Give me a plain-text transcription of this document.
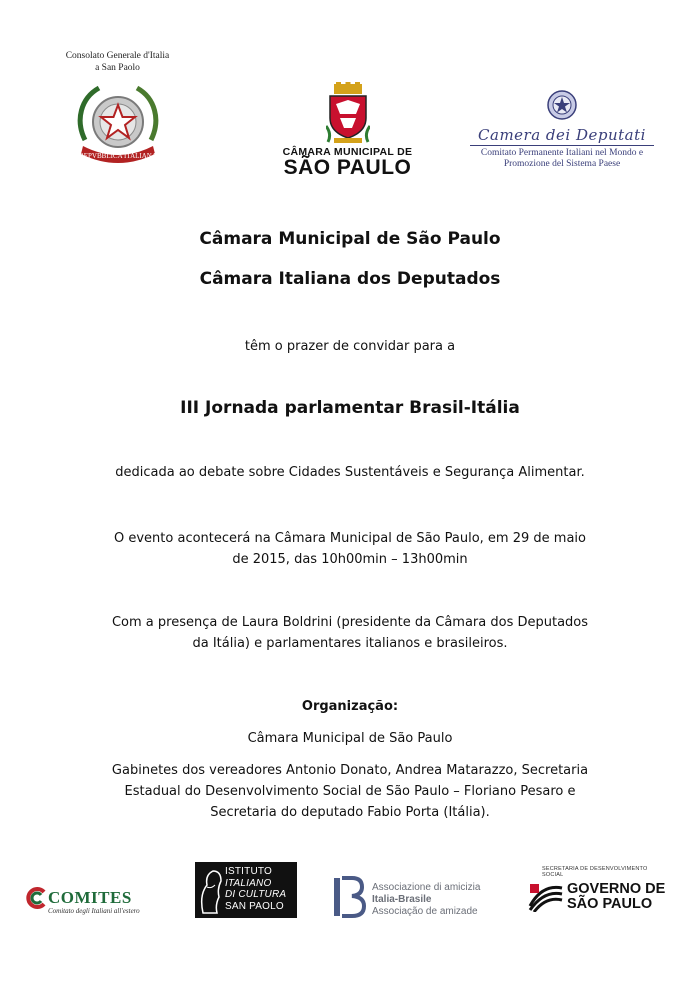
Consolato Generale d'Italia
a San Paolo
REPVBBLICA ITALIANA	CÂMARA MUNICIPAL DE
SÃO PAULO
Camera dei Deputati
Comitato Permanente Italiani nel Mondo e
Promozione del Sistema Paese
Câmara Municipal de São Paulo
Câmara Italiana dos Deputados
têm o prazer de convidar para a
III Jornada parlamentar Brasil-Itália
dedicada ao debate sobre Cidades Sustentáveis e Segurança Alimentar.
O evento acontecerá na Câmara Municipal de São Paulo, em 29 de maio
de 2015, das 10h00min – 13h00min
Com a presença de Laura Boldrini (presidente da Câmara dos Deputados
da Itália) e parlamentares italianos e brasileiros.
Organização:
Câmara Municipal de São Paulo
Gabinetes dos vereadores Antonio Donato, Andrea Matarazzo, Secretaria
Estadual do Desenvolvimento Social de São Paulo – Floriano Pesaro e
Secretaria do deputado Fabio Porta (Itália).
COMITES
Comitato degli Italiani all'estero
ISTITUTO
ITALIANO
DI CULTURA
SAN PAOLO
Associazione di amicizia
Italia-Brasile
Associação de amizade
SECRETARIA DE DESENVOLVIMENTO SOCIAL
GOVERNO DE
SÃO PAULO
